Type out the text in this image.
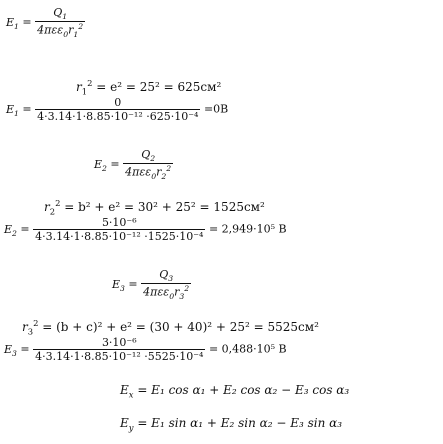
$E_1$ =
$Q_1$
$4\pi\varepsilon\varepsilon_0r_1^2$
$r_1^2 = e^2 = 25^2 = 625см^2$
$E_1 = \frac{0}{\text{4·3.14·1·8.85·10⁻¹² ·625·10⁻⁴}} =0В$
$E_2$ =
$Q_2$
$4\pi\varepsilon\varepsilon_0r_2^2$
$r_2^2 = b^2 + e^2 = 30^2 + 25^2 = 1525см^2$
$E_2 = \frac{\text{5·10⁻⁶}}{\text{4·3.14·1·8.85·10⁻¹² ·1525·10⁻⁴}} = 2,949\cdot 10^5$ В
$E_3$ =
$Q_3$
$4\pi\varepsilon\varepsilon_0r_3^2$
$r_3^2 = (b + c)^2 + e^2 = (30 + 40)^2 + 25^2 = 5525см^2$
$E_3 = \frac{\text{3·10⁻⁶}}{\text{4·3.14·1·8.85·10⁻¹² ·5525·10⁻⁴}} = 0,488\cdot 10^5$ В
$E_x = E_1$ cos α₁ + E₂ cos α₂ − E₃ cos α₃
$E_y = E_1$ sin α₁ + E₂ sin α₂ − E₃ sin α₃
